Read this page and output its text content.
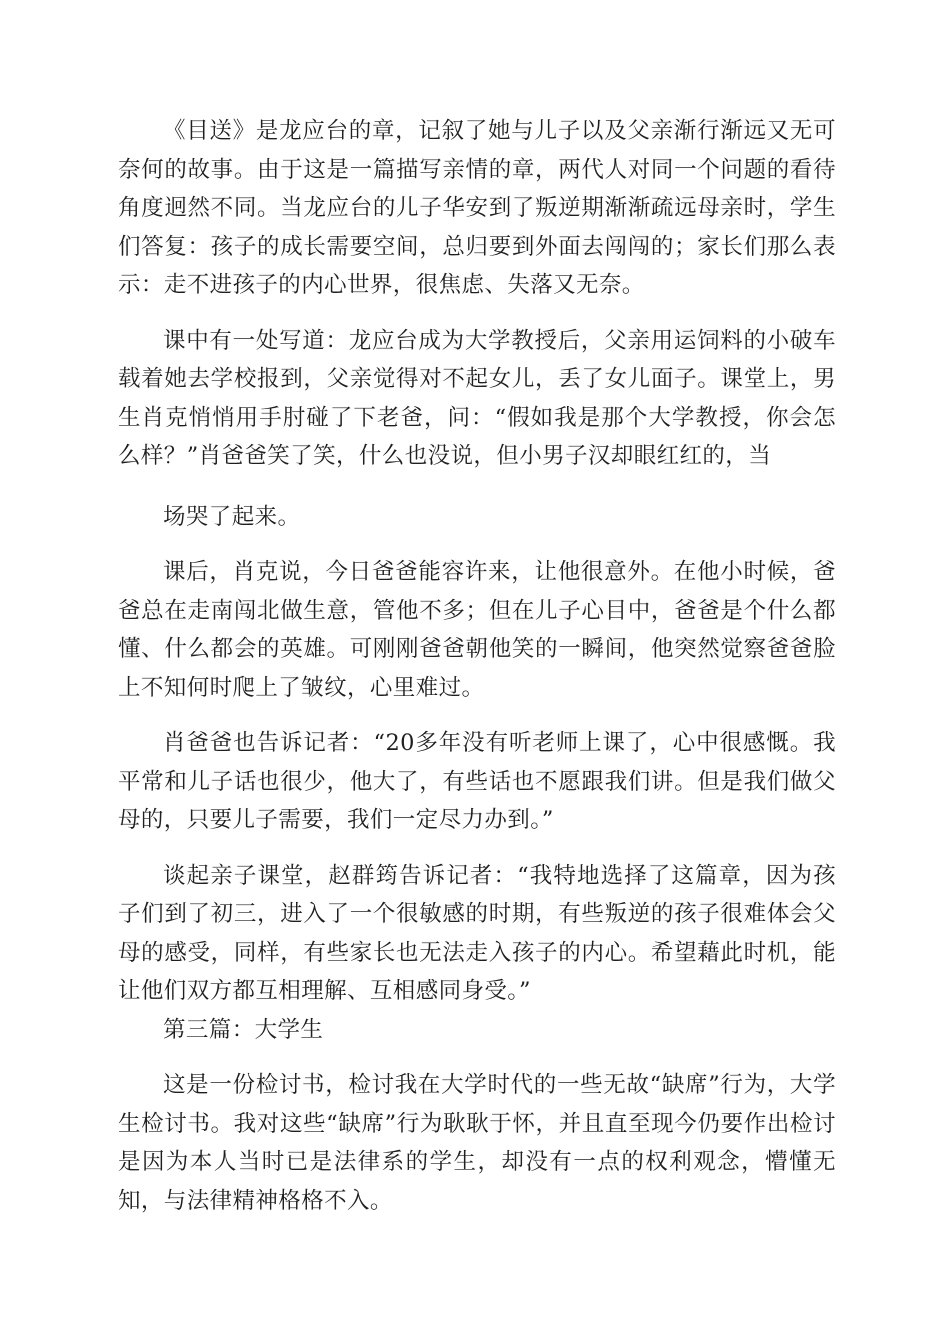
《目送》是龙应台的章，记叙了她与儿子以及父亲渐行渐远又无可奈何的故事。由于这是一篇描写亲情的章，两代人对同一个问题的看待角度迥然不同。当龙应台的儿子华安到了叛逆期渐渐疏远母亲时，学生们答复：孩子的成长需要空间，总归要到外面去闯闯的；家长们那么表示：走不进孩子的内心世界，很焦虑、失落又无奈。

课中有一处写道：龙应台成为大学教授后，父亲用运饲料的小破车载着她去学校报到，父亲觉得对不起女儿，丢了女儿面子。课堂上，男生肖克悄悄用手肘碰了下老爸，问：“假如我是那个大学教授，你会怎么样？”肖爸爸笑了笑，什么也没说，但小男子汉却眼红红的，当

场哭了起来。

课后，肖克说，今日爸爸能容许来，让他很意外。在他小时候，爸爸总在走南闯北做生意，管他不多；但在儿子心目中，爸爸是个什么都懂、什么都会的英雄。可刚刚爸爸朝他笑的一瞬间，他突然觉察爸爸脸上不知何时爬上了皱纹，心里难过。

肖爸爸也告诉记者：“20多年没有听老师上课了，心中很感慨。我平常和儿子话也很少，他大了，有些话也不愿跟我们讲。但是我们做父母的，只要儿子需要，我们一定尽力办到。”

谈起亲子课堂，赵群筠告诉记者：“我特地选择了这篇章，因为孩子们到了初三，进入了一个很敏感的时期，有些叛逆的孩子很难体会父母的感受，同样，有些家长也无法走入孩子的内心。希望藉此时机，能让他们双方都互相理解、互相感同身受。”

第三篇：大学生

这是一份检讨书，检讨我在大学时代的一些无故“缺席”行为，大学生检讨书。我对这些“缺席”行为耿耿于怀，并且直至现今仍要作出检讨是因为本人当时已是法律系的学生，却没有一点的权利观念，懵懂无知，与法律精神格格不入。
